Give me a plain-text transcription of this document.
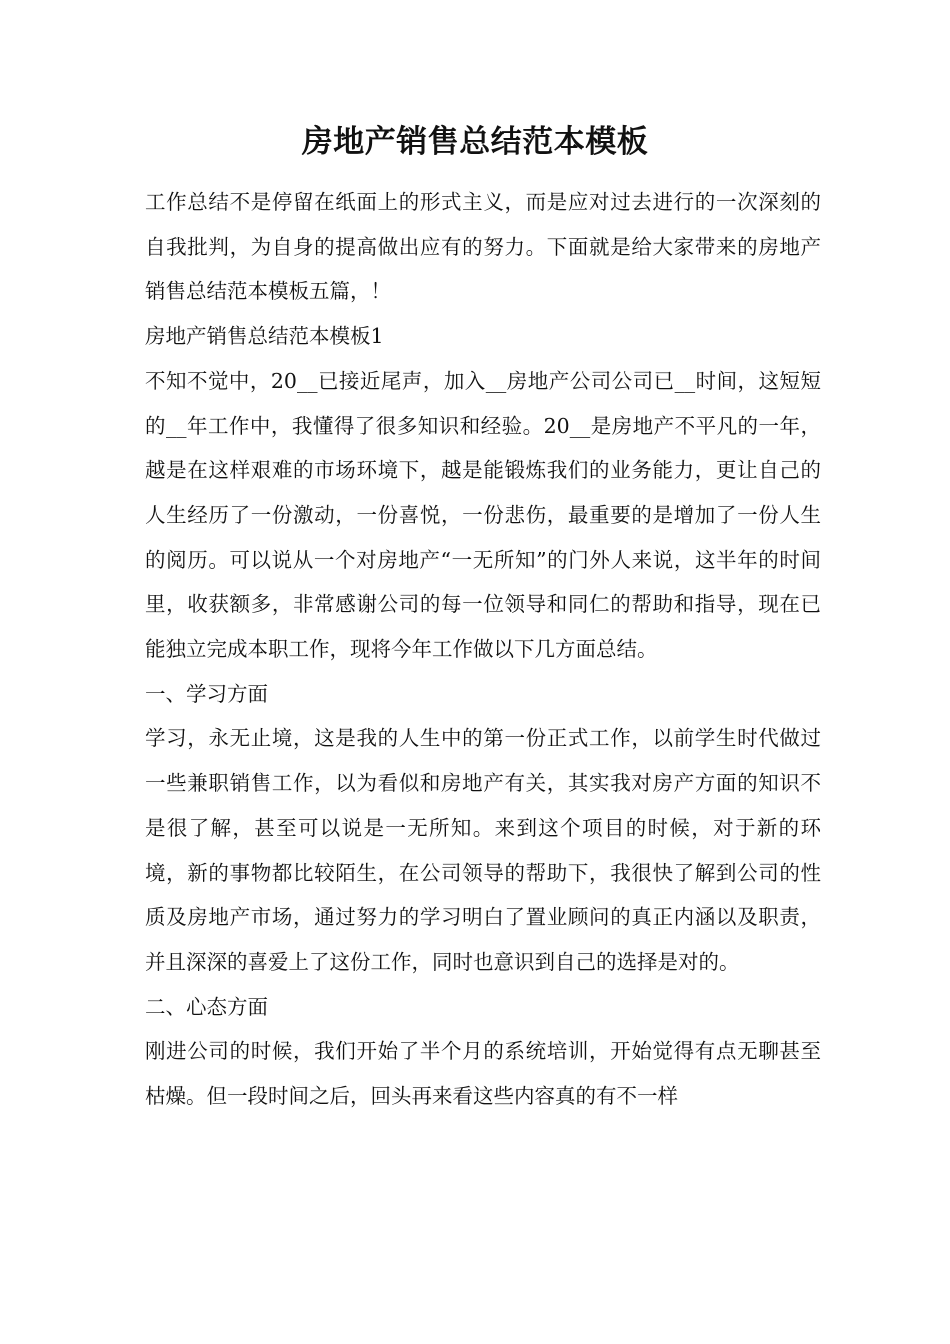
房地产销售总结范本模板

工作总结不是停留在纸面上的形式主义，而是应对过去进行的一次深刻的自我批判，为自身的提高做出应有的努力。下面就是给大家带来的房地产销售总结范本模板五篇，！

房地产销售总结范本模板1

不知不觉中，20__已接近尾声，加入__房地产公司公司已__时间，这短短的__年工作中，我懂得了很多知识和经验。20__是房地产不平凡的一年，越是在这样艰难的市场环境下，越是能锻炼我们的业务能力，更让自己的人生经历了一份激动，一份喜悦，一份悲伤，最重要的是增加了一份人生的阅历。可以说从一个对房地产“一无所知”的门外人来说，这半年的时间里，收获额多，非常感谢公司的每一位领导和同仁的帮助和指导，现在已能独立完成本职工作，现将今年工作做以下几方面总结。

一、学习方面

学习，永无止境，这是我的人生中的第一份正式工作，以前学生时代做过一些兼职销售工作，以为看似和房地产有关，其实我对房产方面的知识不是很了解，甚至可以说是一无所知。来到这个项目的时候，对于新的环境，新的事物都比较陌生，在公司领导的帮助下，我很快了解到公司的性质及房地产市场，通过努力的学习明白了置业顾问的真正内涵以及职责，并且深深的喜爱上了这份工作，同时也意识到自己的选择是对的。

二、心态方面

刚进公司的时候，我们开始了半个月的系统培训，开始觉得有点无聊甚至枯燥。但一段时间之后，回头再来看这些内容真的有不一样
